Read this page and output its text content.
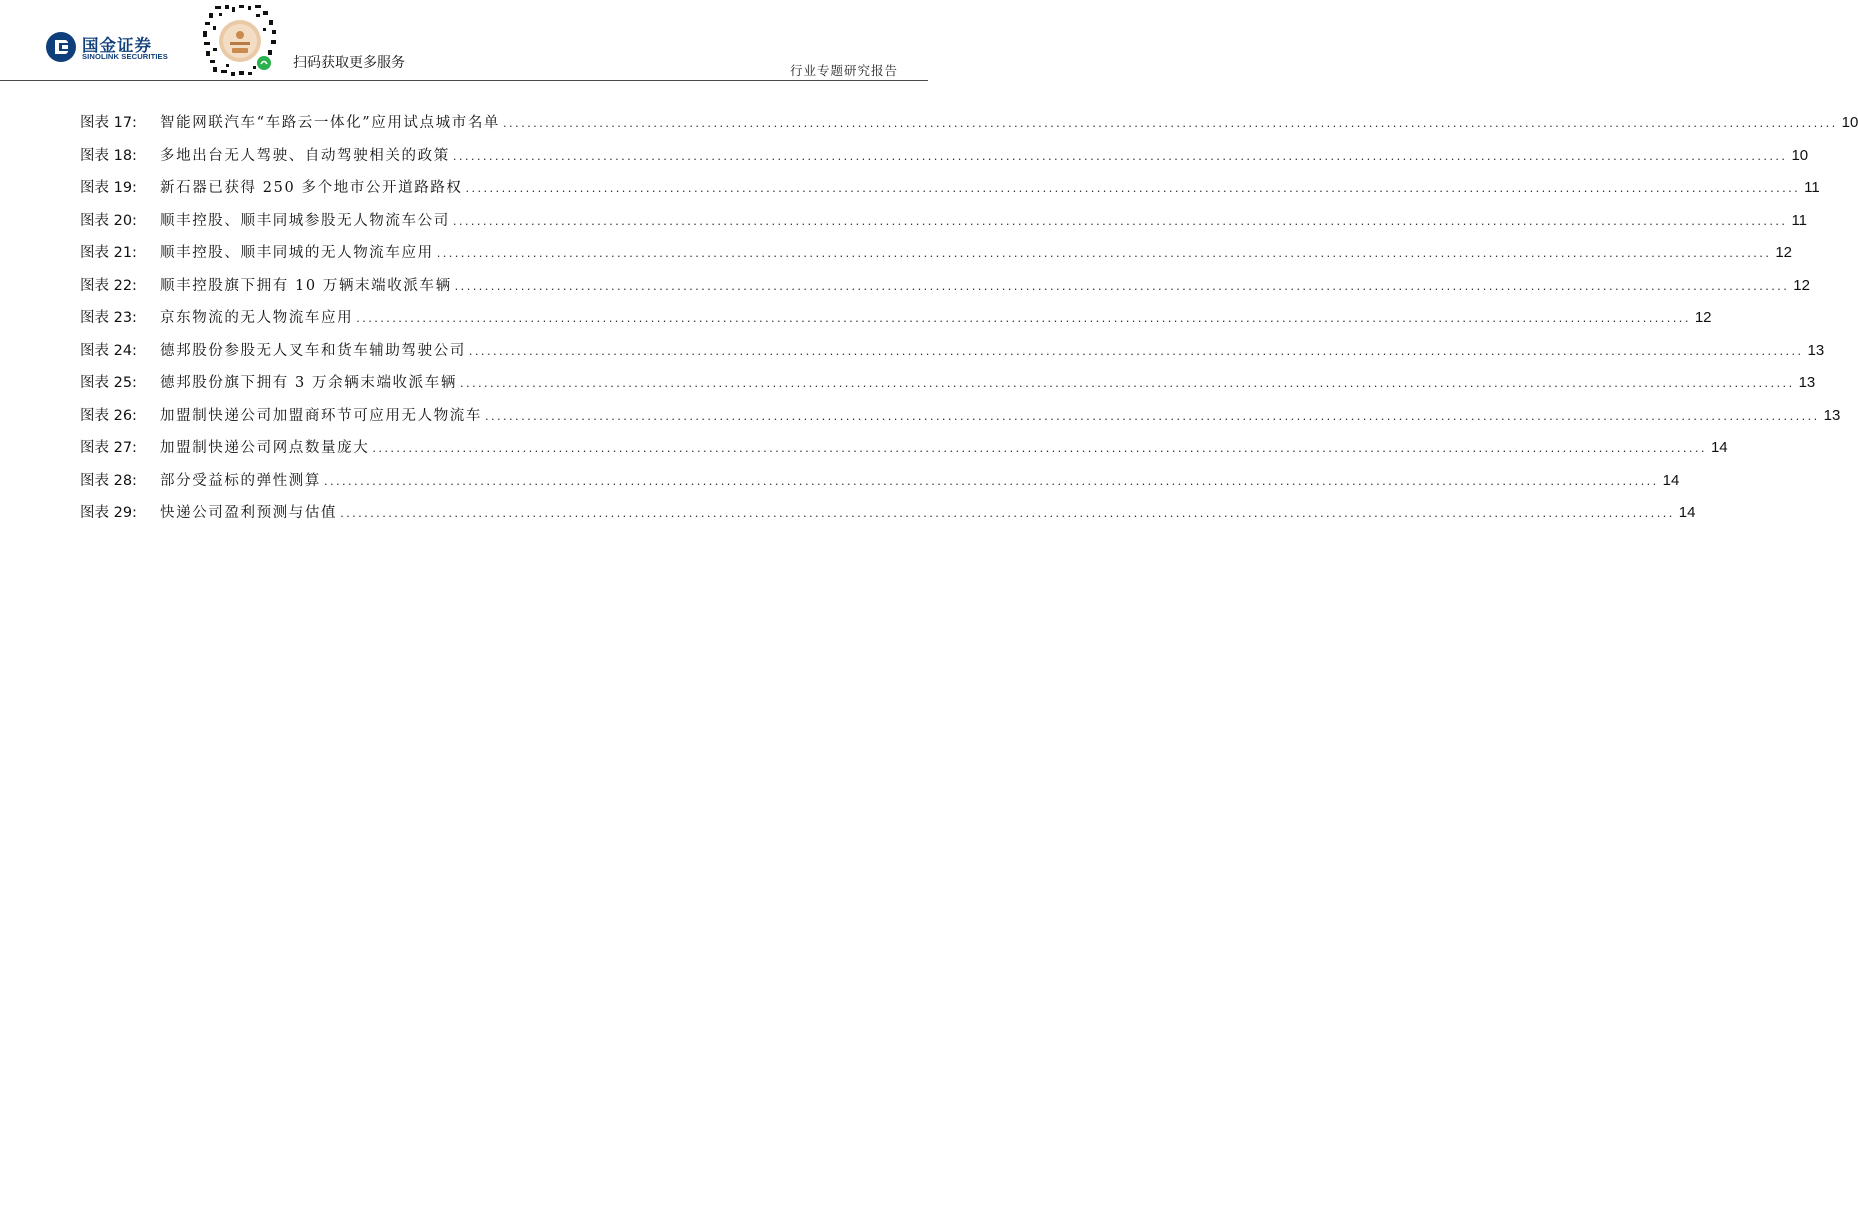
国金证券
SINOLINK SECURITIES	扫码获取更多服务	行业专题研究报告
图表 17:	智能网联汽车“车路云一体化”应用试点城市名单 .............................................................................................................................................................................................................................. 10
图表 18:	多地出台无人驾驶、自动驾驶相关的政策 .............................................................................................................................................................................................................................. 10
图表 19:	新石器已获得 250 多个地市公开道路路权 .............................................................................................................................................................................................................................. 11
图表 20:	顺丰控股、顺丰同城参股无人物流车公司 .............................................................................................................................................................................................................................. 11
图表 21:	顺丰控股、顺丰同城的无人物流车应用 .............................................................................................................................................................................................................................. 12
图表 22:	顺丰控股旗下拥有 10 万辆末端收派车辆 .............................................................................................................................................................................................................................. 12
图表 23:	京东物流的无人物流车应用 .............................................................................................................................................................................................................................. 12
图表 24:	德邦股份参股无人叉车和货车辅助驾驶公司 .............................................................................................................................................................................................................................. 13
图表 25:	德邦股份旗下拥有 3 万余辆末端收派车辆 .............................................................................................................................................................................................................................. 13
图表 26:	加盟制快递公司加盟商环节可应用无人物流车 .............................................................................................................................................................................................................................. 13
图表 27:	加盟制快递公司网点数量庞大 .............................................................................................................................................................................................................................. 14
图表 28:	部分受益标的弹性测算 .............................................................................................................................................................................................................................. 14
图表 29:	快递公司盈利预测与估值 .............................................................................................................................................................................................................................. 14
